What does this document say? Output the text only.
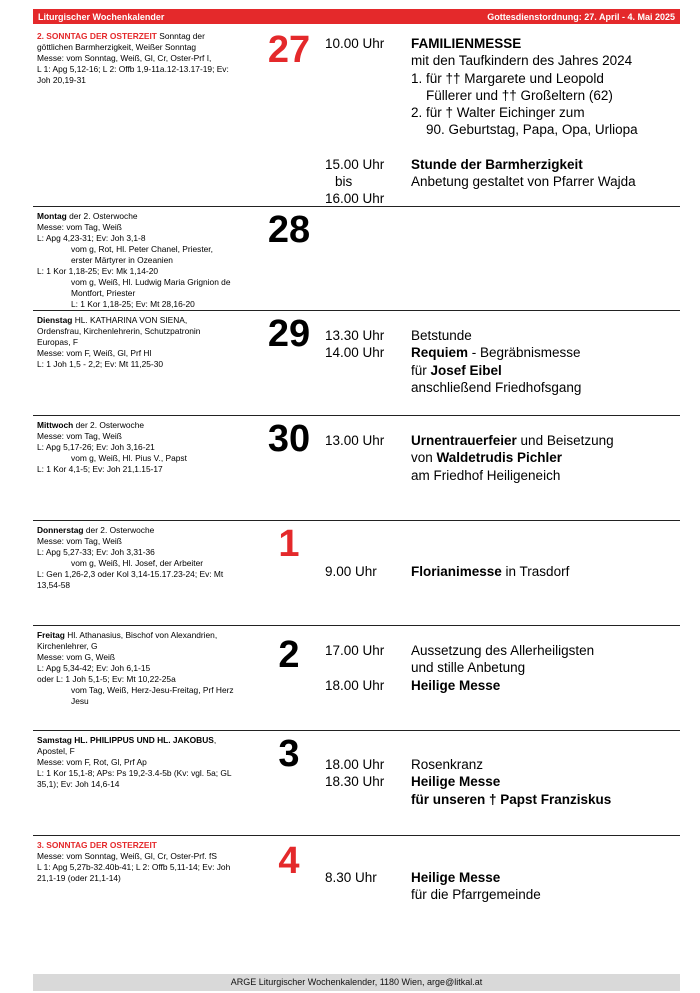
Liturgischer Wochenkalender	Gottesdienstordnung: 27. April - 4. Mai 2025
2. SONNTAG DER OSTERZEIT Sonntag der
göttlichen Barmherzigkeit, Weißer Sonntag
Messe: vom Sonntag, Weiß, Gl, Cr, Oster-Prf I,
L 1: Apg 5,12-16; L 2: Offb 1,9-11a.12-13.17-19; Ev:
Joh 20,19-31
27	10.00 Uhr	FAMILIENMESSE
mit den Taufkindern des Jahres 2024
1. für †† Margarete und Leopold
Füllerer und †† Großeltern (62)
2. für † Walter Eichinger zum
90. Geburtstag, Papa, Opa, Urliopa
15.00 Uhr	Stunde der Barmherzigkeit
bis	Anbetung gestaltet von Pfarrer Wajda
16.00 Uhr
Montag der 2. Osterwoche
Messe: vom Tag, Weiß
L: Apg 4,23-31; Ev: Joh 3,1-8
vom g, Rot, Hl. Peter Chanel, Priester,
erster Märtyrer in Ozeanien
L: 1 Kor 1,18-25; Ev: Mk 1,14-20
vom g, Weiß, Hl. Ludwig Maria Grignion de
Montfort, Priester
L: 1 Kor 1,18-25; Ev: Mt 28,16-20
28
Dienstag HL. KATHARINA VON SIENA,
Ordensfrau, Kirchenlehrerin, Schutzpatronin
Europas, F
Messe: vom F, Weiß, Gl, Prf Hl
L: 1 Joh 1,5 - 2,2; Ev: Mt 11,25-30
29	13.30 Uhr	Betstunde
14.00 Uhr	Requiem - Begräbnismesse
für Josef Eibel
anschließend Friedhofsgang
Mittwoch der 2. Osterwoche
Messe: vom Tag, Weiß
L: Apg 5,17-26; Ev: Joh 3,16-21
vom g, Weiß, Hl. Pius V., Papst
L: 1 Kor 4,1-5; Ev: Joh 21,1.15-17
30	13.00 Uhr	Urnentrauerfeier und Beisetzung
von Waldetrudis Pichler
am Friedhof Heiligeneich
Donnerstag der 2. Osterwoche
Messe: vom Tag, Weiß
L: Apg 5,27-33; Ev: Joh 3,31-36
vom g, Weiß, Hl. Josef, der Arbeiter
L: Gen 1,26-2,3 oder Kol 3,14-15.17.23-24; Ev: Mt
13,54-58
1
9.00 Uhr	Florianimesse in Trasdorf
Freitag Hl. Athanasius, Bischof von Alexandrien,
Kirchenlehrer, G
Messe: vom G, Weiß
L: Apg 5,34-42; Ev: Joh 6,1-15
oder L: 1 Joh 5,1-5; Ev: Mt 10,22-25a
vom Tag, Weiß, Herz-Jesu-Freitag, Prf Herz
Jesu
2	17.00 Uhr	Aussetzung des Allerheiligsten
und stille Anbetung
18.00 Uhr	Heilige Messe
Samstag HL. PHILIPPUS UND HL. JAKOBUS,
Apostel, F
Messe: vom F, Rot, Gl, Prf Ap
L: 1 Kor 15,1-8; APs: Ps 19,2-3.4-5b (Kv: vgl. 5a; GL
35,1); Ev: Joh 14,6-14
3	18.00 Uhr	Rosenkranz
18.30 Uhr	Heilige Messe
für unseren † Papst Franziskus
3. SONNTAG DER OSTERZEIT
Messe: vom Sonntag, Weiß, Gl, Cr, Oster-Prf. fS
L 1: Apg 5,27b-32.40b-41; L 2: Offb 5,11-14; Ev: Joh
21,1-19 (oder 21,1-14)	4	8.30 Uhr	Heilige Messe
für die Pfarrgemeinde
ARGE Liturgischer Wochenkalender, 1180 Wien, arge@litkal.at
